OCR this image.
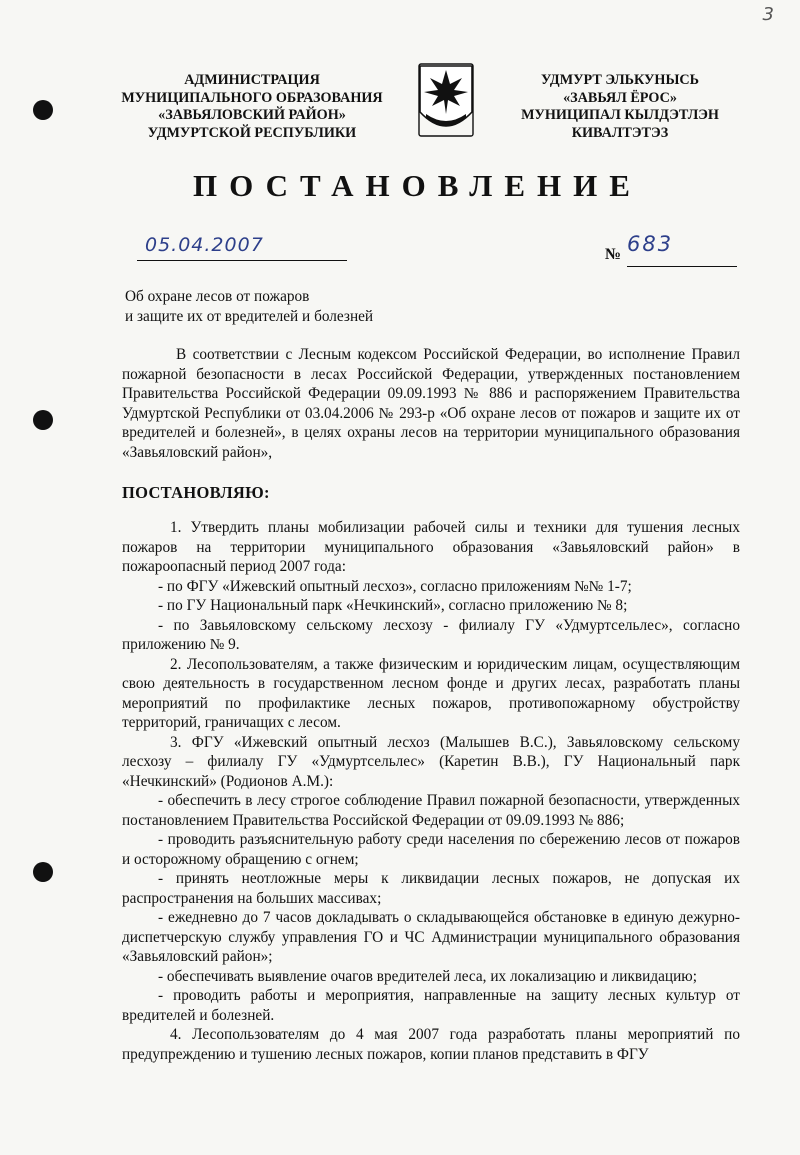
3
АДМИНИСТРАЦИЯ
МУНИЦИПАЛЬНОГО ОБРАЗОВАНИЯ
«ЗАВЬЯЛОВСКИЙ РАЙОН»
УДМУРТСКОЙ РЕСПУБЛИКИ
УДМУРТ ЭЛЬКУНЫСЬ
«ЗАВЬЯЛ ЁРОС»
МУНИЦИПАЛ КЫЛДЭТЛЭН
КИВАЛТЭТЭЗ
ПОСТАНОВЛЕНИЕ
05.04.2007	№ 683
Об охране лесов от пожаров
и защите их от вредителей и болезней

В соответствии с Лесным кодексом Российской Федерации, во исполнение Правил пожарной безопасности в лесах Российской Федерации, утвержденных постановлением Правительства Российской Федерации 09.09.1993 № 886 и распоряжением Правительства Удмуртской Республики от 03.04.2006 № 293-р «Об охране лесов от пожаров и защите их от вредителей и болезней», в целях охраны лесов на территории муниципального образования «Завьяловский район»,

ПОСТАНОВЛЯЮ:

1. Утвердить планы мобилизации рабочей силы и техники для тушения лесных пожаров на территории муниципального образования «Завьяловский район» в пожароопасный период 2007 года:

- по ФГУ «Ижевский опытный лесхоз», согласно приложениям №№ 1-7;

- по ГУ Национальный парк «Нечкинский», согласно приложению № 8;

- по Завьяловскому сельскому лесхозу - филиалу ГУ «Удмуртсельлес», согласно приложению № 9.

2. Лесопользователям, а также физическим и юридическим лицам, осуществляющим свою деятельность в государственном лесном фонде и других лесах, разработать планы мероприятий по профилактике лесных пожаров, противопожарному обустройству территорий, граничащих с лесом.

3. ФГУ «Ижевский опытный лесхоз (Малышев В.С.), Завьяловскому сельскому лесхозу – филиалу ГУ «Удмуртсельлес» (Каретин В.В.), ГУ Национальный парк «Нечкинский» (Родионов А.М.):

- обеспечить в лесу строгое соблюдение Правил пожарной безопасности, утвержденных постановлением Правительства Российской Федерации от 09.09.1993 № 886;

- проводить разъяснительную работу среди населения по сбережению лесов от пожаров и осторожному обращению с огнем;

- принять неотложные меры к ликвидации лесных пожаров, не допуская их распространения на больших массивах;

- ежедневно до 7 часов докладывать о складывающейся обстановке в единую дежурно-диспетчерскую службу управления ГО и ЧС Администрации муниципального образования «Завьяловский район»;

- обеспечивать выявление очагов вредителей леса, их локализацию и ликвидацию;

- проводить работы и мероприятия, направленные на защиту лесных культур от вредителей и болезней.

4. Лесопользователям до 4 мая 2007 года разработать планы мероприятий по предупреждению и тушению лесных пожаров, копии планов представить в ФГУ
